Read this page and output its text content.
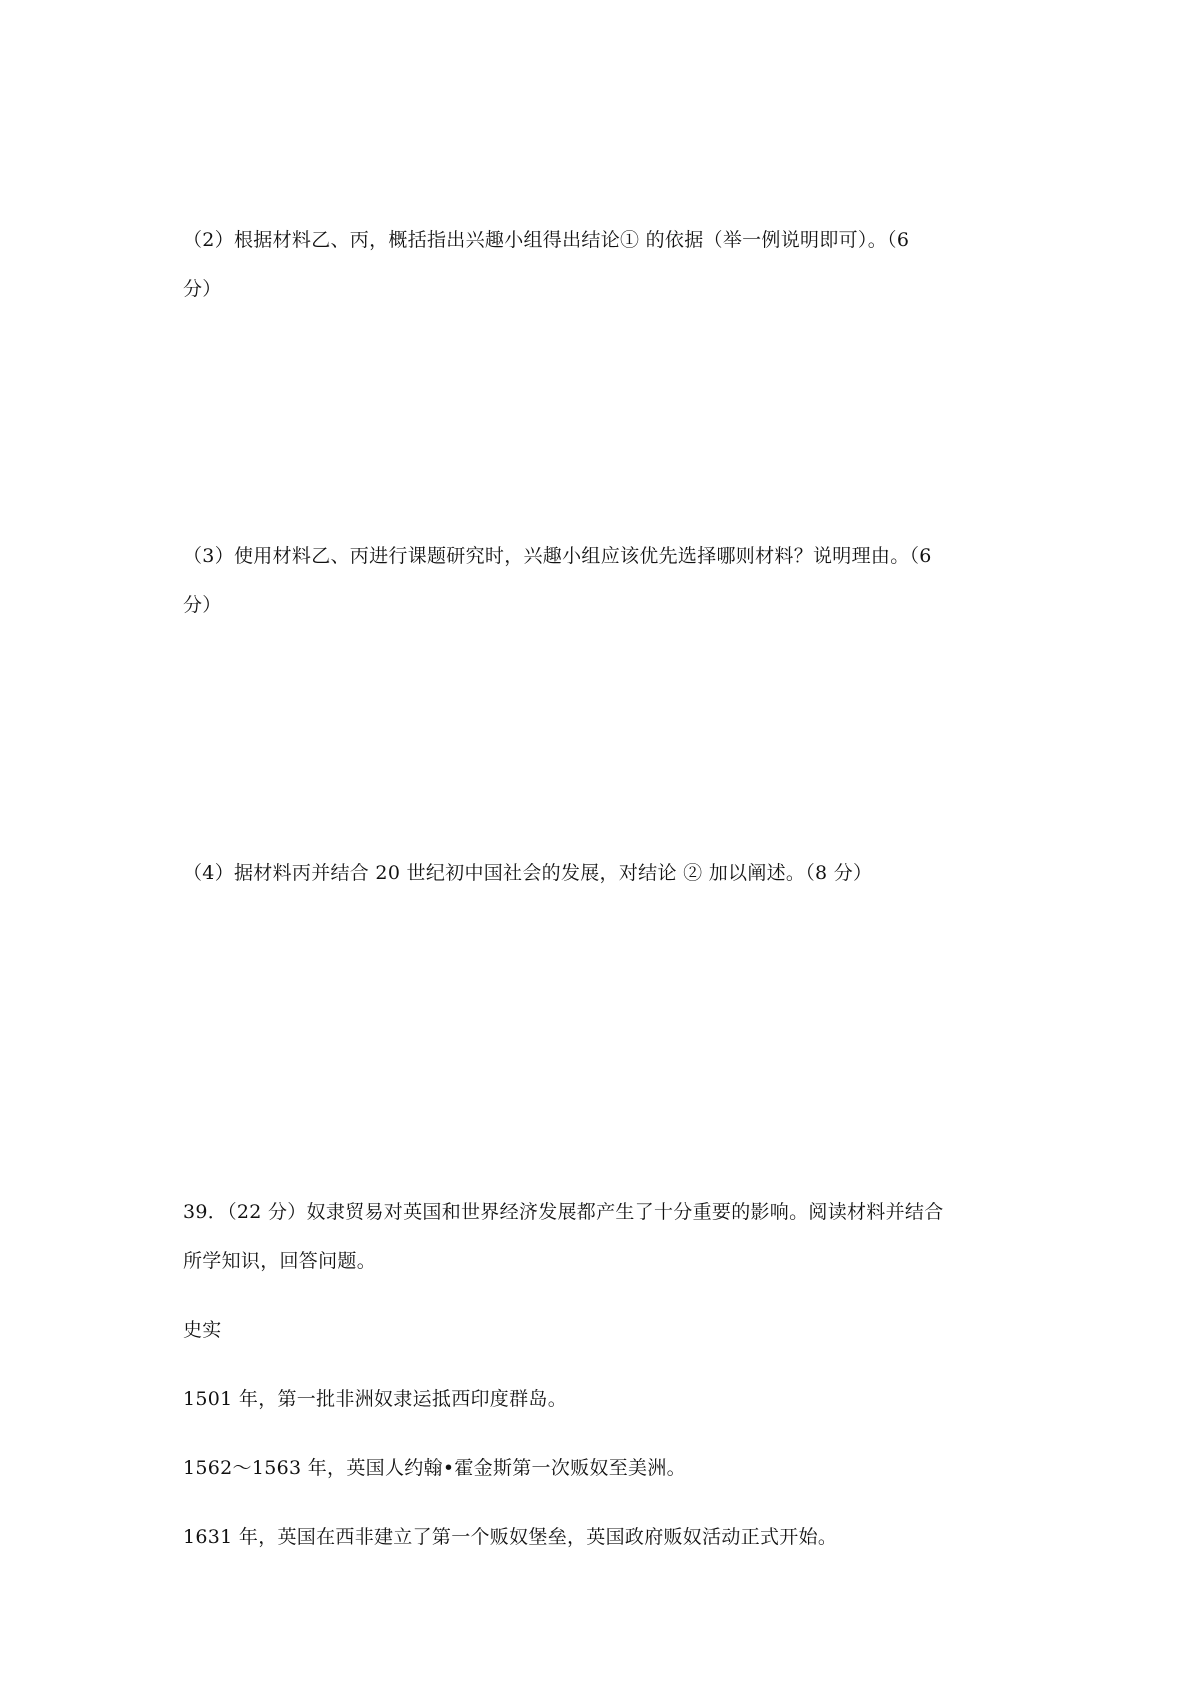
（2）根据材料乙、丙，概括指出兴趣小组得出结论① 的依据（举一例说明即可）。（6
分）
（3）使用材料乙、丙进行课题研究时，兴趣小组应该优先选择哪则材料？说明理由。（6
分）
（4）据材料丙并结合 20 世纪初中国社会的发展，对结论 ② 加以阐述。（8 分）
39．（22 分）奴隶贸易对英国和世界经济发展都产生了十分重要的影响。阅读材料并结合
所学知识，回答问题。
史实
1501 年，第一批非洲奴隶运抵西印度群岛。
1562～1563 年，英国人约翰•霍金斯第一次贩奴至美洲。
1631 年，英国在西非建立了第一个贩奴堡垒，英国政府贩奴活动正式开始。
